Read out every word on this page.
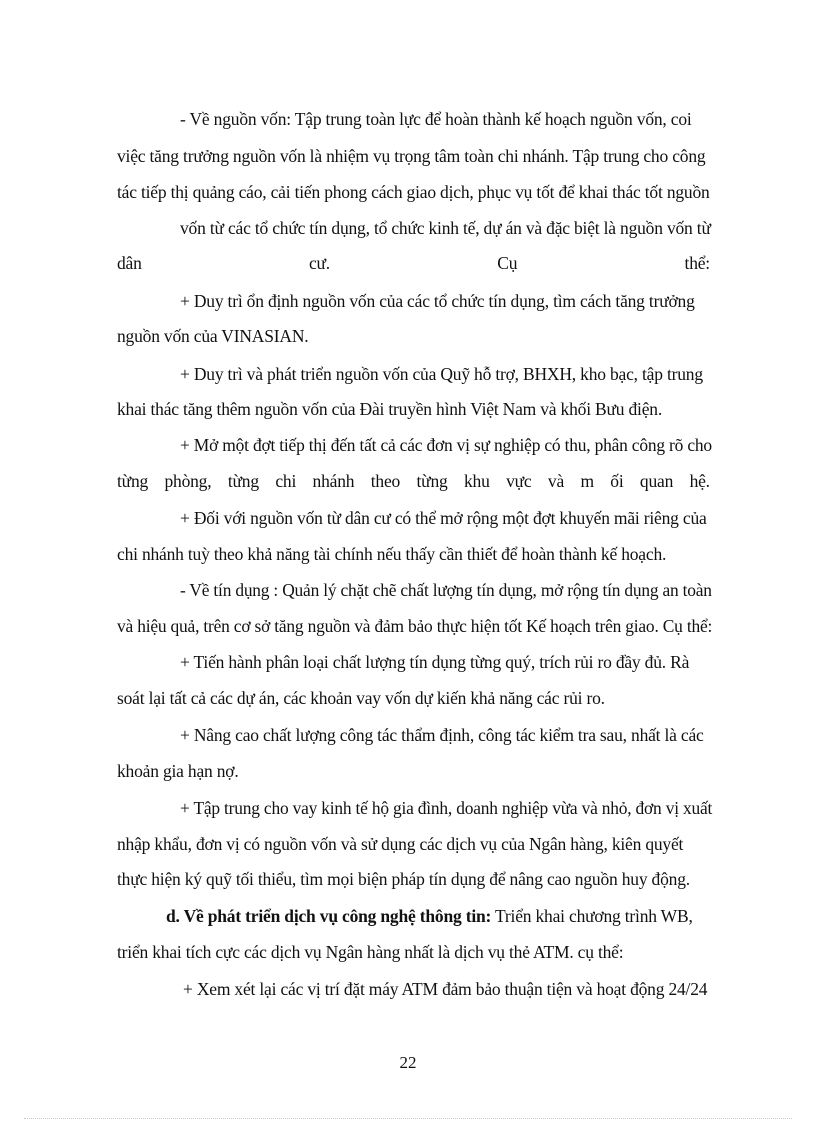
- Về nguồn vốn: Tập trung toàn lực để hoàn thành kế hoạch nguồn vốn, coi

việc tăng trưởng nguồn vốn là nhiệm vụ trọng tâm toàn chi nhánh. Tập trung cho công

tác tiếp thị quảng cáo, cải tiến phong cách giao dịch, phục vụ tốt để khai thác tốt nguồn

vốn từ các tổ chức tín dụng, tổ chức kinh tế, dự án và đặc biệt là nguồn vốn từ

dân	cư.	Cụ	thể:

+ Duy trì ổn định nguồn vốn của các tổ chức tín dụng, tìm cách tăng trưởng

nguồn vốn của VINASIAN.

+ Duy trì và phát triển nguồn vốn của Quỹ hỗ trợ, BHXH, kho bạc, tập trung

khai thác tăng thêm nguồn vốn của Đài truyền hình Việt Nam và khối Bưu điện.

+ Mở một đợt tiếp thị đến tất cả các đơn vị sự nghiệp có thu, phân công rõ cho

từng phòng, từng chi nhánh theo từng khu vực và m ối quan hệ.

+ Đối với nguồn vốn từ dân cư có thể mở rộng một đợt khuyến mãi riêng của

chi nhánh tuỳ theo khả năng tài chính nếu thấy cần thiết để hoàn thành kế hoạch.

- Về tín dụng : Quản lý chặt chẽ chất lượng tín dụng, mở rộng tín dụng an toàn

và hiệu quả, trên cơ sở tăng nguồn và đảm bảo thực hiện tốt Kế hoạch trên giao. Cụ thể:

+ Tiến hành phân loại chất lượng tín dụng từng quý, trích rủi ro đầy đủ. Rà

soát lại tất cả các dự án, các khoản vay vốn dự kiến khả năng các rủi ro.

+ Nâng cao chất lượng công tác thẩm định, công tác kiểm tra sau, nhất là các

khoản gia hạn nợ.

+ Tập trung cho vay kinh tế hộ gia đình, doanh nghiệp vừa và nhỏ, đơn vị xuất

nhập khẩu, đơn vị có nguồn vốn và sử dụng các dịch vụ của Ngân hàng, kiên quyết

thực hiện ký quỹ tối thiểu, tìm mọi biện pháp tín dụng để nâng cao nguồn huy động.

d. Về phát triển dịch vụ công nghệ thông tin: Triển khai chương trình WB,

triển khai tích cực các dịch vụ Ngân hàng nhất là dịch vụ thẻ ATM. cụ thể:

+ Xem xét lại các vị trí đặt máy ATM đảm bảo thuận tiện và hoạt động 24/24

22
